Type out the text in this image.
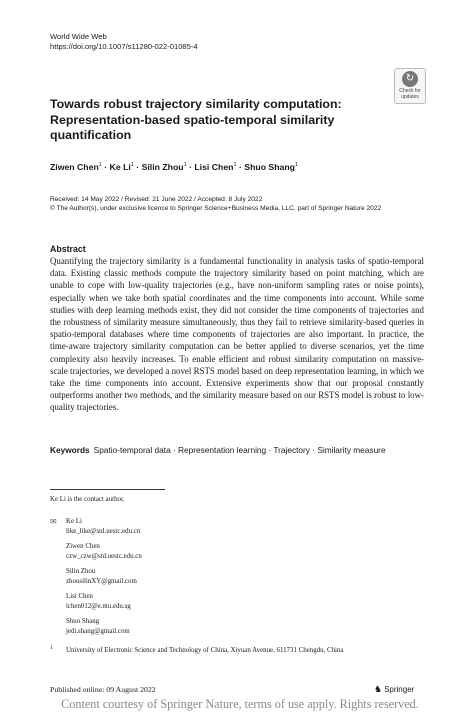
World Wide Web
https://doi.org/10.1007/s11280-022-01085-4
↻
Check for
updates
Towards robust trajectory similarity computation: Representation-based spatio-temporal similarity quantification
Ziwen Chen$^1$ · Ke $Li^1$ · Silin Zhou$^1$ · Lisi Chen$^1$ · Shuo Shang$^1$
Received: 14 May 2022 / Revised: 21 June 2022 / Accepted: 8 July 2022
© The Author(s), under exclusive licence to Springer Science+Business Media, LLC, part of Springer Nature 2022
Abstract

Quantifying the trajectory similarity is a fundamental functionality in analysis tasks of spatio-temporal data. Existing classic methods compute the trajectory similarity based on point matching, which are unable to cope with low-quality trajectories (e.g., have non-uniform sampling rates or noise points), especially when we take both spatial coordinates and the time components into account. While some studies with deep learning methods exist, they did not consider the time components of trajectories and the robustness of similarity measure simultaneously, thus they fail to retrieve similarity-based queries in spatio-temporal databases where time components of trajectories are also important. In practice, the time-aware trajectory similarity computation can be better applied to diverse scenarios, yet the time complexity also heavily increases. To enable efficient and robust similarity computation on massive-scale trajectories, we developed a novel RSTS model based on deep representation learning, in which we take the time components into account. Extensive experiments show that our proposal constantly outperforms another two methods, and the similarity measure based on our RSTS model is robust to low-quality trajectories.

Keywords Spatio-temporal data · Representation learning · Trajectory · Similarity measure
Ke Li is the contact author.
✉ Ke Li
like_like@std.uestc.edu.cn
Ziwen Chen
czw_czw@std.uestc.edu.cn
Silin Zhou
zhousilinXY@gmail.com
Lisi Chen
lchen012@e.ntu.edu.sg
Shuo Shang
jedi.shang@gmail.com
1 University of Electronic Science and Technology of China, Xiyuan Avenue, 611731 Chengdu, China
Published online: 09 August 2022	♞ Springer
Content courtesy of Springer Nature, terms of use apply. Rights reserved.
